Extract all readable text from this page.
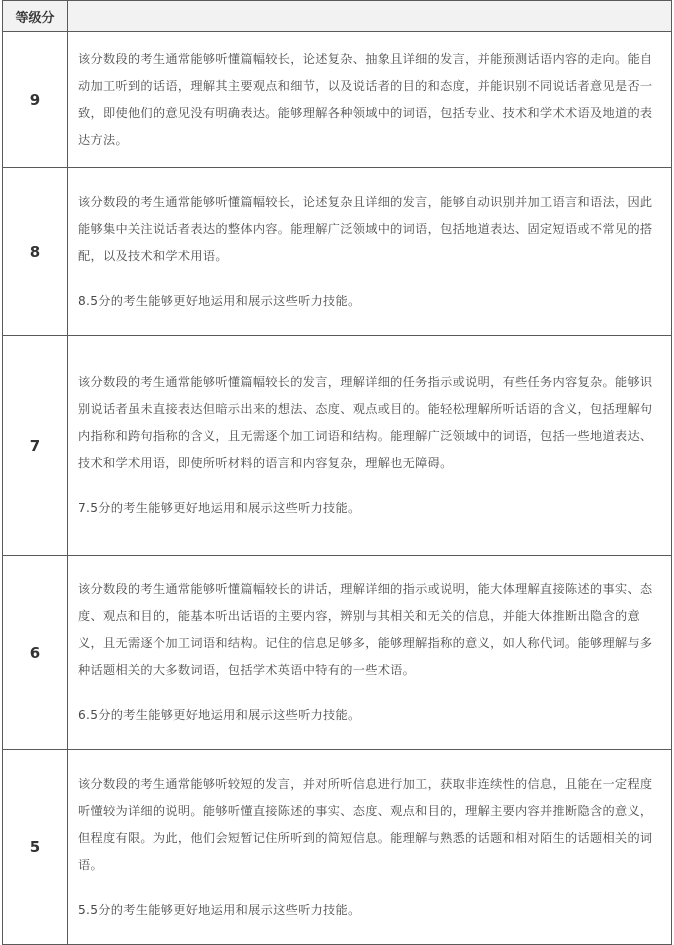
等级分	
9	该分数段的考生通常能够听懂篇幅较长，论述复杂、抽象且详细的发言，并能预测话语内容的走向。能自动加工听到的话语，理解其主要观点和细节，以及说话者的目的和态度，并能识别不同说话者意见是否一致，即使他们的意见没有明确表达。能够理解各种领域中的词语，包括专业、技术和学术术语及地道的表达方法。

8	该分数段的考生通常能够听懂篇幅较长，论述复杂且详细的发言，能够自动识别并加工语言和语法，因此能够集中关注说话者表达的整体内容。能理解广泛领域中的词语，包括地道表达、固定短语或不常见的搭配，以及技术和学术用语。

8.5分的考生能够更好地运用和展示这些听力技能。

7	该分数段的考生通常能够听懂篇幅较长的发言，理解详细的任务指示或说明，有些任务内容复杂。能够识别说话者虽未直接表达但暗示出来的想法、态度、观点或目的。能轻松理解所听话语的含义，包括理解句内指称和跨句指称的含义，且无需逐个加工词语和结构。能理解广泛领域中的词语，包括一些地道表达、技术和学术用语，即使所听材料的语言和内容复杂，理解也无障碍。

7.5分的考生能够更好地运用和展示这些听力技能。

6	该分数段的考生通常能够听懂篇幅较长的讲话，理解详细的指示或说明，能大体理解直接陈述的事实、态度、观点和目的，能基本听出话语的主要内容，辨别与其相关和无关的信息，并能大体推断出隐含的意义，且无需逐个加工词语和结构。记住的信息足够多，能够理解指称的意义，如人称代词。能够理解与多种话题相关的大多数词语，包括学术英语中特有的一些术语。

6.5分的考生能够更好地运用和展示这些听力技能。

5	该分数段的考生通常能够听较短的发言，并对所听信息进行加工，获取非连续性的信息，且能在一定程度听懂较为详细的说明。能够听懂直接陈述的事实、态度、观点和目的，理解主要内容并推断隐含的意义，但程度有限。为此，他们会短暂记住所听到的简短信息。能理解与熟悉的话题和相对陌生的话题相关的词语。

5.5分的考生能够更好地运用和展示这些听力技能。
